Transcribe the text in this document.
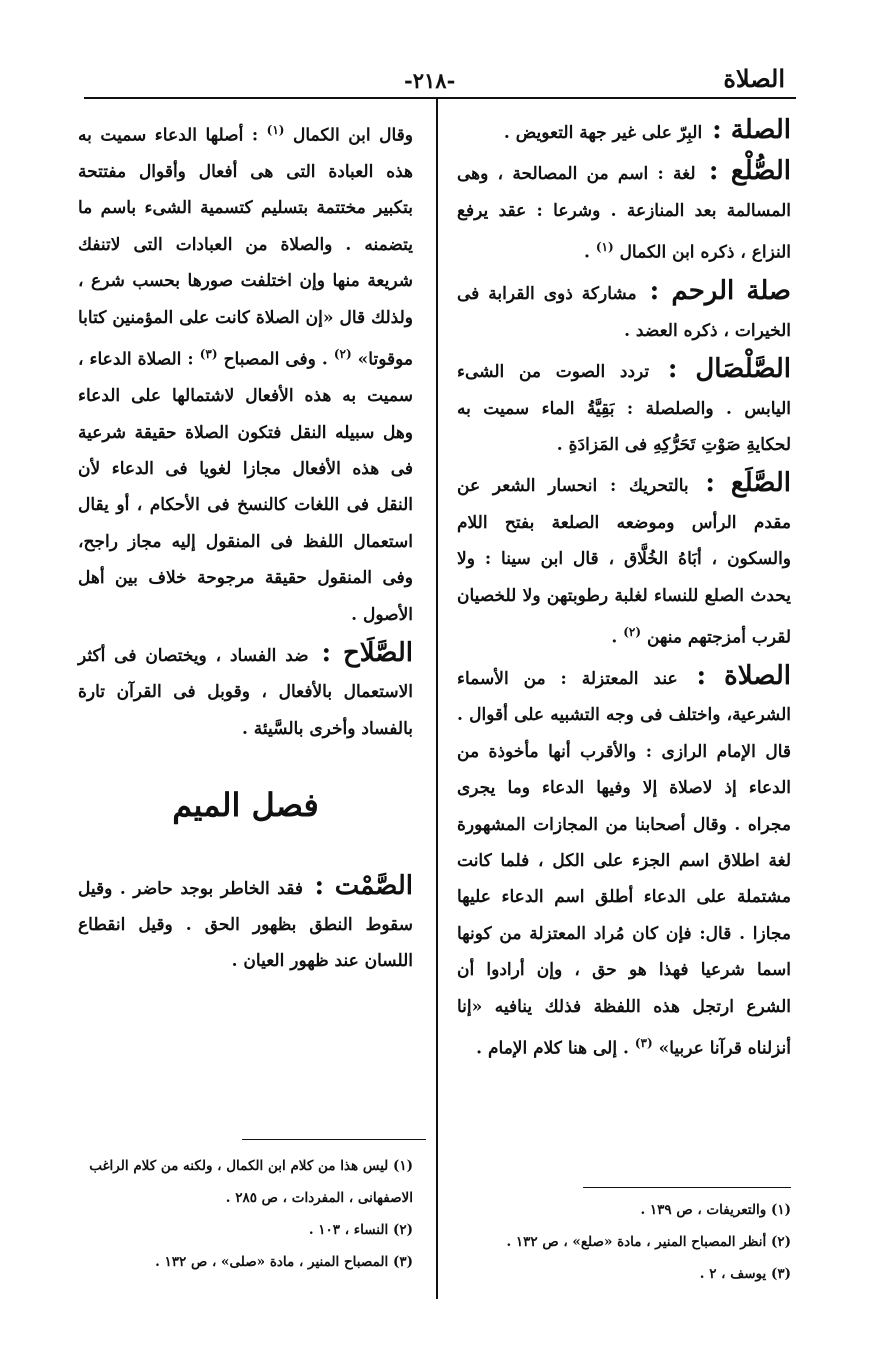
الصلاة
-٢١٨-

الصلة : البِرّ على غير جهة التعويض .

الصُّلْع : لغة : اسم من المصالحة ، وهى المسالمة بعد المنازعة . وشرعا : عقد يرفع النزاع ، ذكره ابن الكمال $^{(١)}$ .

صلة الرحم : مشاركة ذوى القرابة فى الخيرات ، ذكره العضد .

الصَّلْصَال : تردد الصوت من الشىء اليابس . والصلصلة : بَقِيَّةُ الماء سميت به لحكايةِ صَوْتِ تَحَرُّكِهِ فى المَزادَةِ .

الصَّلَع : بالتحريك : انحسار الشعر عن مقدم الرأس وموضعه الصلعة بفتح اللام والسكون ، أبَاهُ الخُلَّاق ، قال ابن سينا : ولا يحدث الصلع للنساء لغلبة رطوبتهن ولا للخصيان لقرب أمزجتهم منهن $^{(٢)}$ .

الصلاة : عند المعتزلة : من الأسماء الشرعية، واختلف فى وجه التشبيه على أقوال . قال الإمام الرازى : والأقرب أنها مأخوذة من الدعاء إذ لاصلاة إلا وفيها الدعاء وما يجرى مجراه . وقال أصحابنا من المجازات المشهورة لغة اطلاق اسم الجزء على الكل ، فلما كانت مشتملة على الدعاء أطلق اسم الدعاء عليها مجازا . قال: فإن كان مُراد المعتزلة من كونها اسما شرعيا فهذا هو حق ، وإن أرادوا أن الشرع ارتجل هذه اللفظة فذلك ينافيه «إنا أنزلناه قرآنا عربيا» $^{(٣)}$ . إلى هنا كلام الإمام .

(١) والتعريفات ، ص ١٣٩ .

(٢) أنظر المصباح المنير ، مادة «صلع» ، ص ١٣٢ .

(٣) يوسف ، ٢ .

وقال ابن الكمال $^{(١)}$ : أصلها الدعاء سميت به هذه العبادة التى هى أفعال وأقوال مفتتحة بتكبير مختتمة بتسليم كتسمية الشىء باسم ما يتضمنه . والصلاة من العبادات التى لاتنفك شريعة منها وإن اختلفت صورها بحسب شرع ، ولذلك قال «إن الصلاة كانت على المؤمنين كتابا موقوتا» $^{(٢)}$ . وفى المصباح $^{(٣)}$ : الصلاة الدعاء ، سميت به هذه الأفعال لاشتمالها على الدعاء وهل سبيله النقل فتكون الصلاة حقيقة شرعية فى هذه الأفعال مجازا لغويا فى الدعاء لأن النقل فى اللغات كالنسخ فى الأحكام ، أو يقال استعمال اللفظ فى المنقول إليه مجاز راجح، وفى المنقول حقيقة مرجوحة خلاف بين أهل الأصول .

الصَّلَاح : ضد الفساد ، ويختصان فى أكثر الاستعمال بالأفعال ، وقوبل فى القرآن تارة بالفساد وأخرى بالسَّيئة .

فصل الميم

الصَّمْت : فقد الخاطر بوجد حاضر . وقيل سقوط النطق بظهور الحق . وقيل انقطاع اللسان عند ظهور العيان .

(١) ليس هذا من كلام ابن الكمال ، ولكنه من كلام الراغب الاصفهانى ، المفردات ، ص ٢٨٥ .

(٢) النساء ، ١٠٣ .

(٣) المصباح المنير ، مادة «صلى» ، ص ١٣٢ .
